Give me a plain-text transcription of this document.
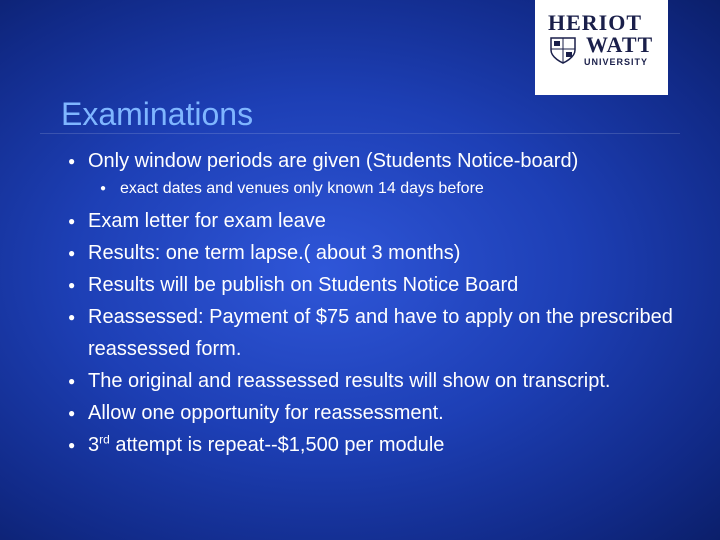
HERIOT
WATT
UNIVERSITY
Examinations
● Only window periods are given (Students Notice-board)
● exact dates and venues only known 14 days before
● Exam letter for exam leave
● Results: one term lapse.( about 3 months)
● Results will be publish on Students Notice Board
● Reassessed: Payment of $75 and have to apply on the prescribed reassessed form.
● The original and reassessed results will show on transcript.
● Allow one opportunity for reassessment.
● 3rd attempt is repeat--$1,500 per module
